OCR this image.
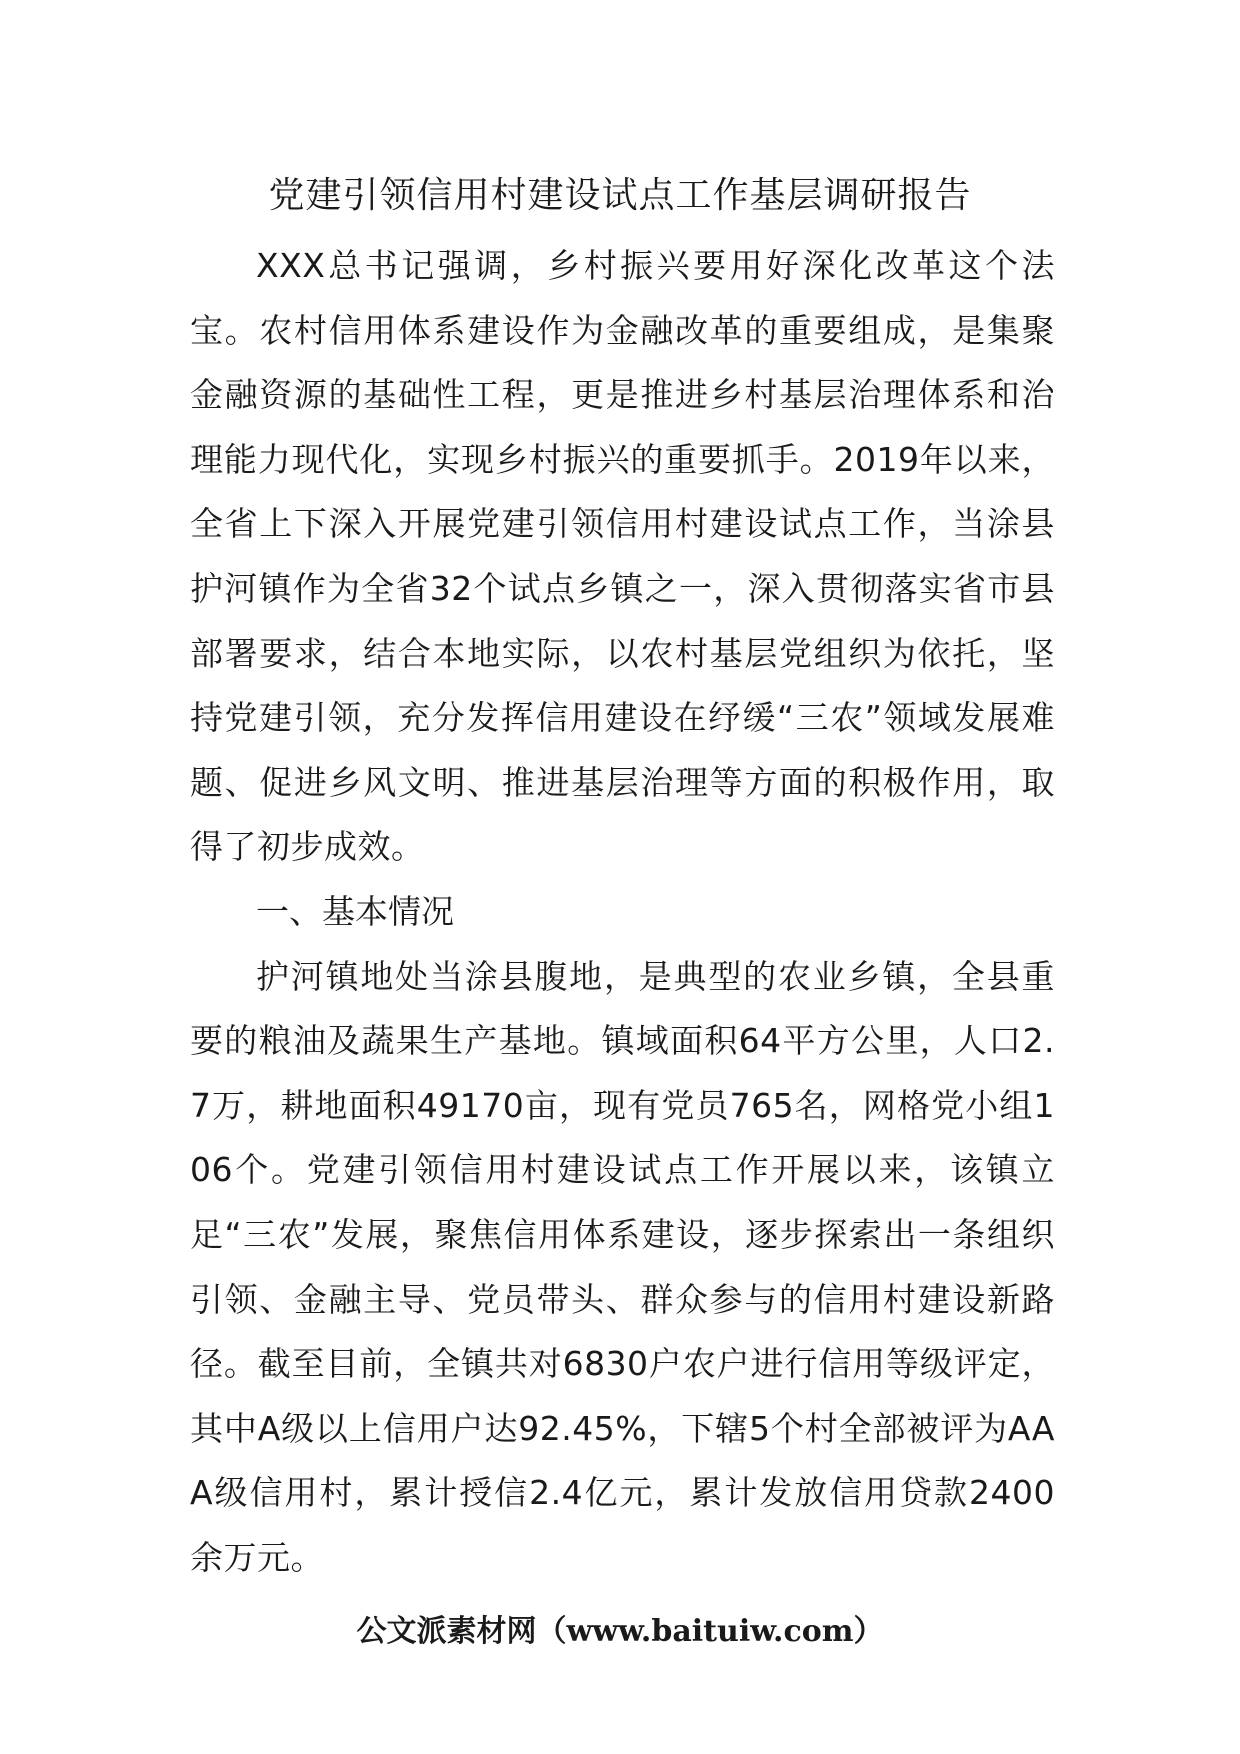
党建引领信用村建设试点工作基层调研报告

XXX总书记强调，乡村振兴要用好深化改革这个法宝。农村信用体系建设作为金融改革的重要组成，是集聚金融资源的基础性工程，更是推进乡村基层治理体系和治理能力现代化，实现乡村振兴的重要抓手。2019年以来，全省上下深入开展党建引领信用村建设试点工作，当涂县护河镇作为全省32个试点乡镇之一，深入贯彻落实省市县部署要求，结合本地实际，以农村基层党组织为依托，坚持党建引领，充分发挥信用建设在纾缓“三农”领域发展难题、促进乡风文明、推进基层治理等方面的积极作用，取得了初步成效。

一、基本情况

护河镇地处当涂县腹地，是典型的农业乡镇，全县重要的粮油及蔬果生产基地。镇域面积64平方公里，人口2.7万，耕地面积49170亩，现有党员765名，网格党小组106个。党建引领信用村建设试点工作开展以来，该镇立足“三农”发展，聚焦信用体系建设，逐步探索出一条组织引领、金融主导、党员带头、群众参与的信用村建设新路径。截至目前，全镇共对6830户农户进行信用等级评定，其中A级以上信用户达92.45%，下辖5个村全部被评为AAA级信用村，累计授信2.4亿元，累计发放信用贷款2400余万元。

公文派素材网（www.baituiw.com）
